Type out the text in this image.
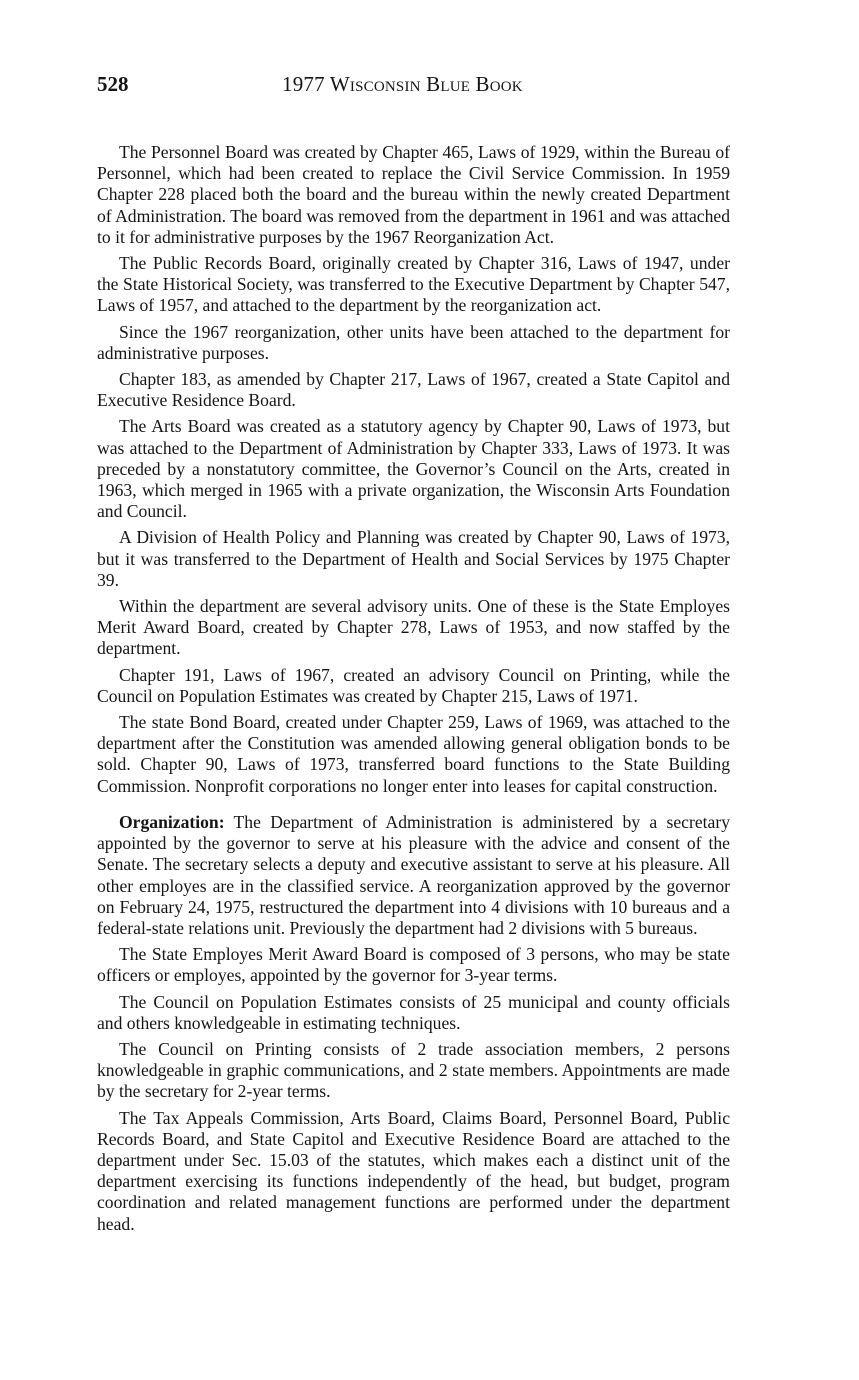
528	1977 Wisconsin Blue Book

The Personnel Board was created by Chapter 465, Laws of 1929, within the Bureau of Personnel, which had been created to replace the Civil Service Commission. In 1959 Chapter 228 placed both the board and the bureau within the newly created Department of Administration. The board was removed from the department in 1961 and was attached to it for administrative purposes by the 1967 Reorganization Act.

The Public Records Board, originally created by Chapter 316, Laws of 1947, under the State Historical Society, was transferred to the Executive Department by Chapter 547, Laws of 1957, and attached to the department by the reorganization act.

Since the 1967 reorganization, other units have been attached to the department for administrative purposes.

Chapter 183, as amended by Chapter 217, Laws of 1967, created a State Capitol and Executive Residence Board.

The Arts Board was created as a statutory agency by Chapter 90, Laws of 1973, but was attached to the Department of Administration by Chapter 333, Laws of 1973. It was preceded by a nonstatutory committee, the Governor’s Council on the Arts, created in 1963, which merged in 1965 with a private organization, the Wisconsin Arts Foundation and Council.

A Division of Health Policy and Planning was created by Chapter 90, Laws of 1973, but it was transferred to the Department of Health and Social Services by 1975 Chapter 39.

Within the department are several advisory units. One of these is the State Employes Merit Award Board, created by Chapter 278, Laws of 1953, and now staffed by the department.

Chapter 191, Laws of 1967, created an advisory Council on Printing, while the Council on Population Estimates was created by Chapter 215, Laws of 1971.

The state Bond Board, created under Chapter 259, Laws of 1969, was attached to the department after the Constitution was amended allowing general obligation bonds to be sold. Chapter 90, Laws of 1973, transferred board functions to the State Building Commission. Nonprofit corporations no longer enter into leases for capital construction.

Organization: The Department of Administration is administered by a secretary appointed by the governor to serve at his pleasure with the advice and consent of the Senate. The secretary selects a deputy and executive assistant to serve at his pleasure. All other employes are in the classified service. A reorganization approved by the governor on February 24, 1975, restructured the department into 4 divisions with 10 bureaus and a federal-state relations unit. Previously the department had 2 divisions with 5 bureaus.

The State Employes Merit Award Board is composed of 3 persons, who may be state officers or employes, appointed by the governor for 3-year terms.

The Council on Population Estimates consists of 25 municipal and county officials and others knowledgeable in estimating techniques.

The Council on Printing consists of 2 trade association members, 2 persons knowledgeable in graphic communications, and 2 state members. Appointments are made by the secretary for 2-year terms.

The Tax Appeals Commission, Arts Board, Claims Board, Personnel Board, Public Records Board, and State Capitol and Executive Residence Board are attached to the department under Sec. 15.03 of the statutes, which makes each a distinct unit of the department exercising its functions independently of the head, but budget, program coordination and related management functions are performed under the department head.
